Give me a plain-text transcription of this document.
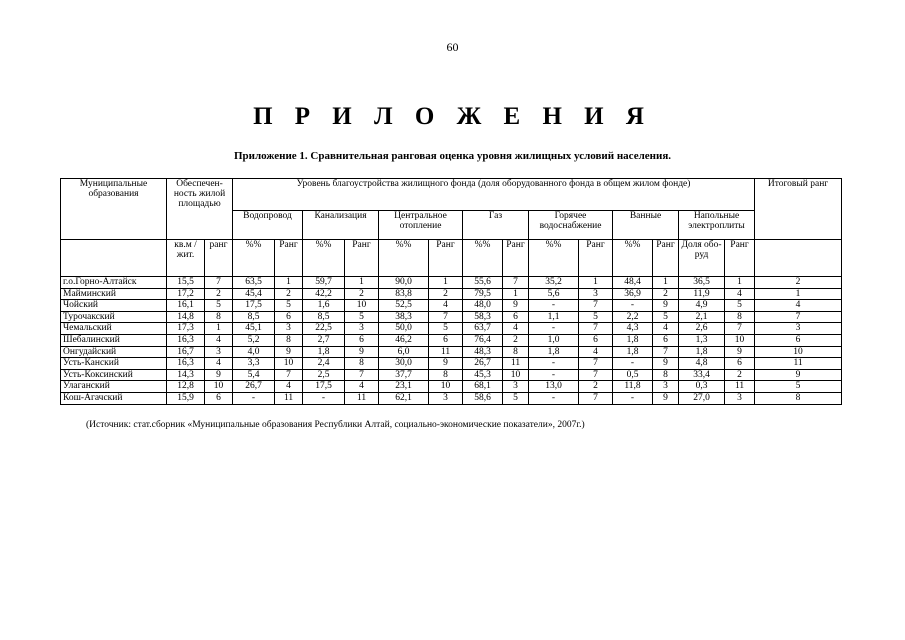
60
П Р И Л О Ж Е Н И Я
Приложение 1. Сравнительная ранговая оценка уровня жилищных условий населения.
Муниципальные образования	Обеспечен- ность жилой площадью		Уровень благоустройства жилищного фонда (доля оборудованного фонда в общем жилом фонде)														Итоговый ранг
			Водопровод		Канализация		Центральное отопление		Газ		Горячее водоснабжение		Ванные		Напольные электроплиты		
	кв.м /жит.	ранг	%%	Ранг	%%	Ранг	%%	Ранг	%%	Ранг	%%	Ранг	%%	Ранг	Доля обо- руд	Ранг	
г.о.Горно-Алтайск	15,5	7	63,5	1	59,7	1	90,0	1	55,6	7	35,2	1	48,4	1	36,5	1	2
Майминский	17,2	2	45,4	2	42,2	2	83,8	2	79,5	1	5,6	3	36,9	2	11,9	4	1
Чойский	16,1	5	17,5	5	1,6	10	52,5	4	48,0	9	-	7	-	9	4,9	5	4
Турочакский	14,8	8	8,5	6	8,5	5	38,3	7	58,3	6	1,1	5	2,2	5	2,1	8	7
Чемальский	17,3	1	45,1	3	22,5	3	50,0	5	63,7	4	-	7	4,3	4	2,6	7	3
Шебалинский	16,3	4	5,2	8	2,7	6	46,2	6	76,4	2	1,0	6	1,8	6	1,3	10	6
Онгудайский	16,7	3	4,0	9	1,8	9	6,0	11	48,3	8	1,8	4	1,8	7	1,8	9	10
Усть-Канский	16,3	4	3,3	10	2,4	8	30,0	9	26,7	11	-	7	-	9	4,8	6	11
Усть-Коксинский	14,3	9	5,4	7	2,5	7	37,7	8	45,3	10	-	7	0,5	8	33,4	2	9
Улаганский	12,8	10	26,7	4	17,5	4	23,1	10	68,1	3	13,0	2	11,8	3	0,3	11	5
Кош-Агачский	15,9	6	-	11	-	11	62,1	3	58,6	5	-	7	-	9	27,0	3	8
(Источник: стат.сборник «Муниципальные образования Республики Алтай, социально-экономические показатели», 2007г.)
